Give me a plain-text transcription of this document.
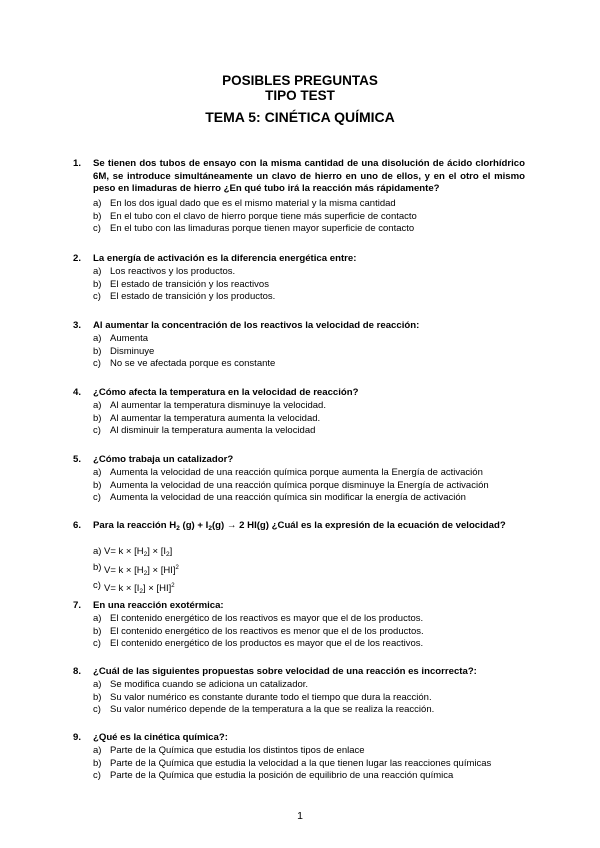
POSIBLES PREGUNTAS
TIPO TEST
TEMA 5: CINÉTICA QUÍMICA
1.	Se tienen dos tubos de ensayo con la misma cantidad de una disolución de ácido clorhídrico 6M, se introduce simultáneamente un clavo de hierro en uno de ellos, y en el otro el mismo peso en limaduras de hierro ¿En qué tubo irá la reacción más rápidamente?
a) En los dos igual dado que es el mismo material y la misma cantidad
b) En el tubo con el clavo de hierro porque tiene más superficie de contacto
c) En el tubo con las limaduras porque tienen mayor superficie de contacto
2.	La energía de activación es la diferencia energética entre:
a) Los reactivos y los productos.
b) El estado de transición y los reactivos
c) El estado de transición y los productos.
3.	Al aumentar la concentración de los reactivos la velocidad de reacción:
a) Aumenta
b) Disminuye
c) No se ve afectada porque es constante
4.	¿Cómo afecta la temperatura en la velocidad de reacción?
a) Al aumentar la temperatura disminuye la velocidad.
b) Al aumentar la temperatura aumenta la velocidad.
c) Al disminuir la temperatura aumenta la velocidad
5.	¿Cómo trabaja un catalizador?
a) Aumenta la velocidad de una reacción química porque aumenta la Energía de activación
b) Aumenta la velocidad de una reacción química porque disminuye la Energía de activación
c) Aumenta la velocidad de una reacción química sin modificar la energía de activación
6.	Para la reacción $H_2$ $(g) + I_2(g) \to 2$ HI(g) ¿Cuál es la expresión de la ecuación de velocidad?
a) $V= k \times [H_2] \times [I_2]$
b) $V= k \times [H_2] \times [HI]^2$
c) $V= k \times [I_2] \times [HI]^2$
7.	En una reacción exotérmica:
a) El contenido energético de los reactivos es mayor que el de los productos.
b) El contenido energético de los reactivos es menor que el de los productos.
c) El contenido energético de los productos es mayor que el de los reactivos.
8.	¿Cuál de las siguientes propuestas sobre velocidad de una reacción es incorrecta?:
a) Se modifica cuando se adiciona un catalizador.
b) Su valor numérico es constante durante todo el tiempo que dura la reacción.
c) Su valor numérico depende de la temperatura a la que se realiza la reacción.
9.	¿Qué es la cinética química?:
a) Parte de la Química que estudia los distintos tipos de enlace
b) Parte de la Química que estudia la velocidad a la que tienen lugar las reacciones químicas
c) Parte de la Química que estudia la posición de equilibrio de una reacción química
1
